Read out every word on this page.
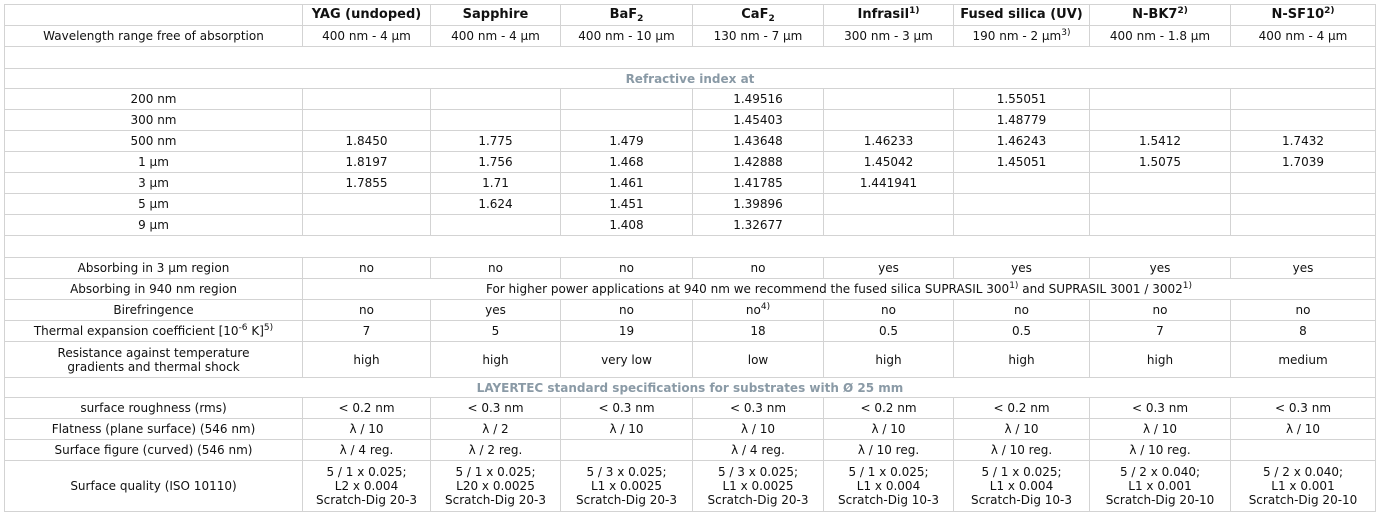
	YAG (undoped)	Sapphire	BaF$_2$	CaF$_2$	Infrasil$^{1)}$	Fused silica (UV)	N-BK7$^{2)}$	N-SF10$^{2)}$
Wavelength range free of absorption	400 nm - 4 µm	400 nm - 4 µm	400 nm - 10 µm	130 nm - 7 µm	300 nm - 3 µm	190 nm - 2 µm$^{3)}$	400 nm - 1.8 µm	400 nm - 4 µm

Refractive index at								
200 nm				1.49516		1.55051		
300 nm				1.45403		1.48779		
500 nm	1.8450	1.775	1.479	1.43648	1.46233	1.46243	1.5412	1.7432
1 µm	1.8197	1.756	1.468	1.42888	1.45042	1.45051	1.5075	1.7039
3 µm	1.7855	1.71	1.461	1.41785	1.441941			
5 µm		1.624	1.451	1.39896				
9 µm			1.408	1.32677				

Absorbing in 3 µm region	no	no	no	no	yes	yes	yes	yes
Absorbing in 940 nm region	For higher power applications at 940 nm we recommend the fused silica SUPRASIL 300$^{1)}$ and SUPRASIL 3001 / 3002$^{1)}$
Birefringence	no	yes	no	$no^{4)}$	no	no	no	no
Thermal expansion coefficient [$10^{-6}$ K]$^{5)}$	7	5	19	18	0.5	0.5	7	8
Resistance against temperature
gradients and thermal shock	high	high	very low	low	high	high	high	medium
LAYERTEC standard specifications for substrates with Ø 25 mm								
surface roughness (rms)	< 0.2 nm	< 0.3 nm	< 0.3 nm	< 0.3 nm	< 0.2 nm	< 0.2 nm	< 0.3 nm	< 0.3 nm
Flatness (plane surface) (546 nm)	λ / 10	λ / 2	λ / 10	λ / 10	λ / 10	λ / 10	λ / 10	λ / 10
Surface figure (curved) (546 nm)	λ / 4 reg.	λ / 2 reg.		λ / 4 reg.	λ / 10 reg.	λ / 10 reg.	λ / 10 reg.	
Surface quality (ISO 10110)	5 / 1 x 0.025;
L2 x 0.004
Scratch-Dig 20-3	5 / 1 x 0.025;
L20 x 0.0025
Scratch-Dig 20-3	5 / 3 x 0.025;
L1 x 0.0025
Scratch-Dig 20-3	5 / 3 x 0.025;
L1 x 0.0025
Scratch-Dig 20-3	5 / 1 x 0.025;
L1 x 0.004
Scratch-Dig 10-3	5 / 1 x 0.025;
L1 x 0.004
Scratch-Dig 10-3	5 / 2 x 0.040;
L1 x 0.001
Scratch-Dig 20-10	5 / 2 x 0.040;
L1 x 0.001
Scratch-Dig 20-10
